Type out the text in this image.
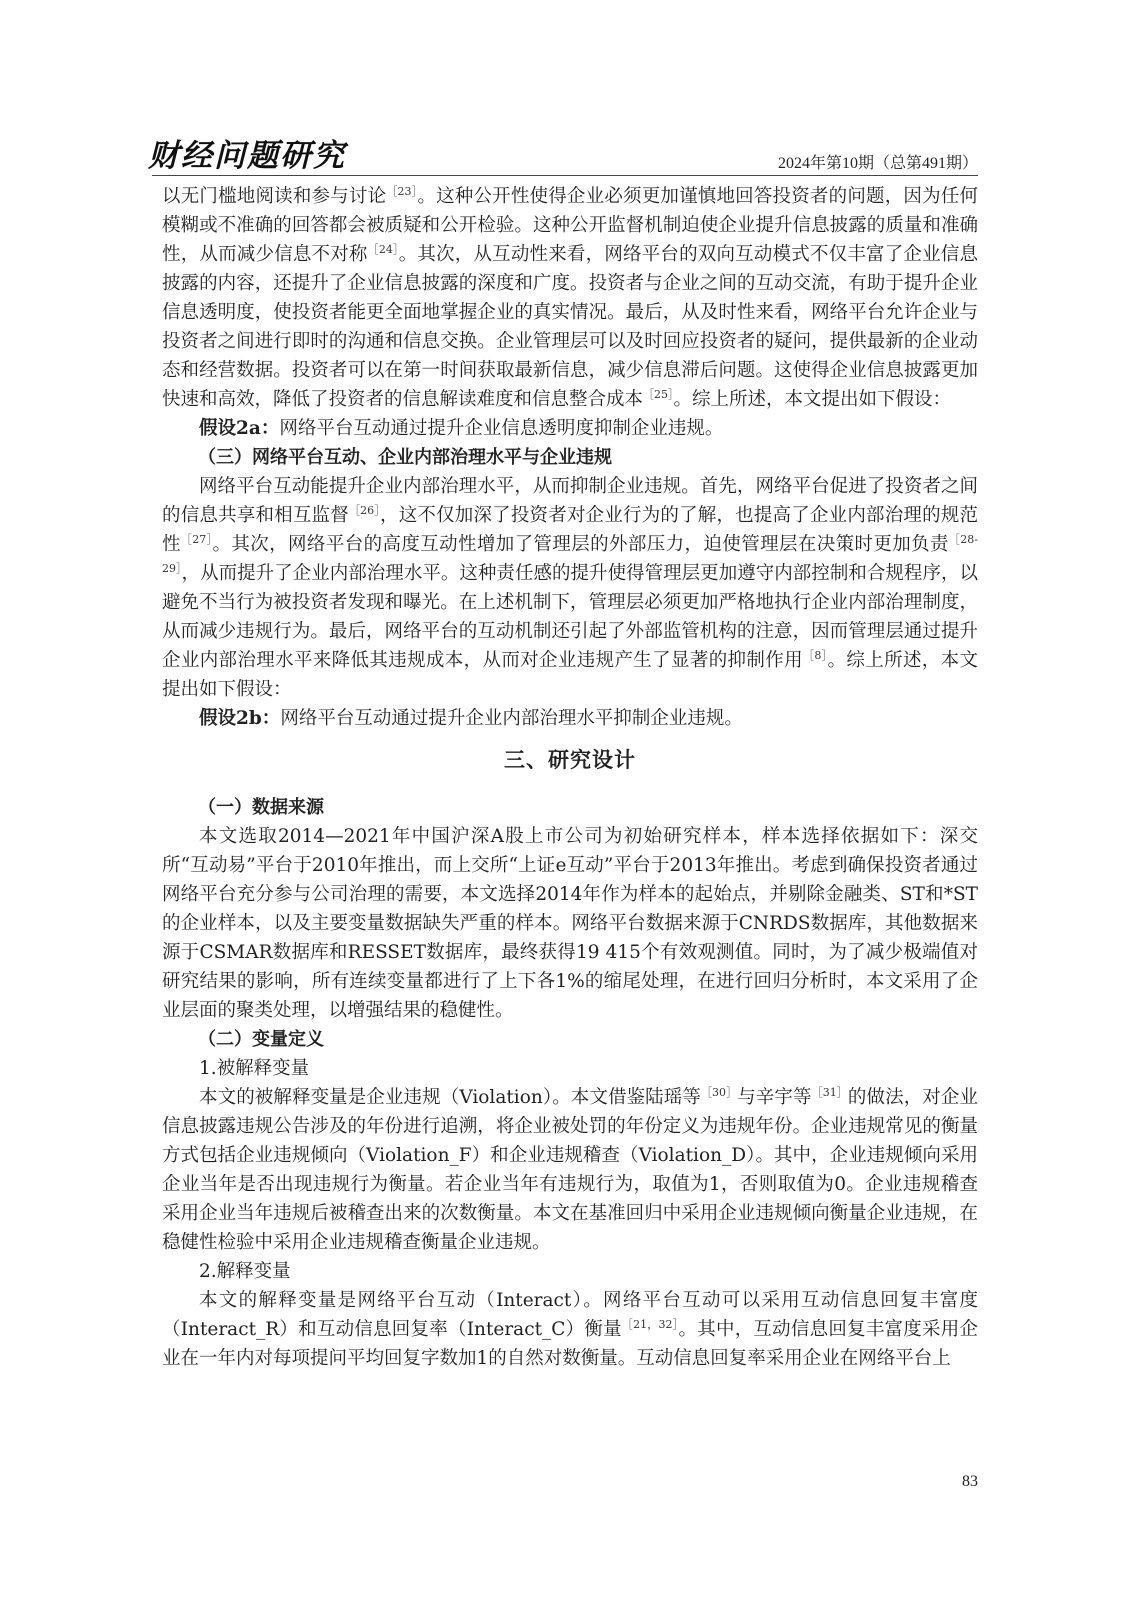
财经问题研究	2024年第10期（总第491期）

以无门槛地阅读和参与讨论$^{[23]}$。这种公开性使得企业必须更加谨慎地回答投资者的问题，因为任何模糊或不准确的回答都会被质疑和公开检验。这种公开监督机制迫使企业提升信息披露的质量和准确性，从而减少信息不对称$^{[24]}$。其次，从互动性来看，网络平台的双向互动模式不仅丰富了企业信息披露的内容，还提升了企业信息披露的深度和广度。投资者与企业之间的互动交流，有助于提升企业信息透明度，使投资者能更全面地掌握企业的真实情况。最后，从及时性来看，网络平台允许企业与投资者之间进行即时的沟通和信息交换。企业管理层可以及时回应投资者的疑问，提供最新的企业动态和经营数据。投资者可以在第一时间获取最新信息，减少信息滞后问题。这使得企业信息披露更加快速和高效，降低了投资者的信息解读难度和信息整合成本$^{[25]}$。综上所述，本文提出如下假设：

假设2a：网络平台互动通过提升企业信息透明度抑制企业违规。

（三）网络平台互动、企业内部治理水平与企业违规

网络平台互动能提升企业内部治理水平，从而抑制企业违规。首先，网络平台促进了投资者之间的信息共享和相互监督$^{[26]}$，这不仅加深了投资者对企业行为的了解，也提高了企业内部治理的规范性$^{[27]}$。其次，网络平台的高度互动性增加了管理层的外部压力，迫使管理层在决策时更加负责$^{[28-29]}$，从而提升了企业内部治理水平。这种责任感的提升使得管理层更加遵守内部控制和合规程序，以避免不当行为被投资者发现和曝光。在上述机制下，管理层必须更加严格地执行企业内部治理制度，从而减少违规行为。最后，网络平台的互动机制还引起了外部监管机构的注意，因而管理层通过提升企业内部治理水平来降低其违规成本，从而对企业违规产生了显著的抑制作用$^{[8]}$。综上所述，本文提出如下假设：

假设2b：网络平台互动通过提升企业内部治理水平抑制企业违规。

三、研究设计

（一）数据来源

本文选取2014—2021年中国沪深A股上市公司为初始研究样本，样本选择依据如下：深交所“互动易”平台于2010年推出，而上交所“上证e互动”平台于2013年推出。考虑到确保投资者通过网络平台充分参与公司治理的需要，本文选择2014年作为样本的起始点，并剔除金融类、ST和*ST的企业样本，以及主要变量数据缺失严重的样本。网络平台数据来源于CNRDS数据库，其他数据来源于CSMAR数据库和RESSET数据库，最终获得19 415个有效观测值。同时，为了减少极端值对研究结果的影响，所有连续变量都进行了上下各1%的缩尾处理，在进行回归分析时，本文采用了企业层面的聚类处理，以增强结果的稳健性。

（二）变量定义

1.被解释变量

本文的被解释变量是企业违规（Violation）。本文借鉴陆瑶等$^{[30]}$与辛宇等$^{[31]}$的做法，对企业信息披露违规公告涉及的年份进行追溯，将企业被处罚的年份定义为违规年份。企业违规常见的衡量方式包括企业违规倾向（Violation_F）和企业违规稽查（Violation_D）。其中，企业违规倾向采用企业当年是否出现违规行为衡量。若企业当年有违规行为，取值为1，否则取值为0。企业违规稽查采用企业当年违规后被稽查出来的次数衡量。本文在基准回归中采用企业违规倾向衡量企业违规，在稳健性检验中采用企业违规稽查衡量企业违规。

2.解释变量

本文的解释变量是网络平台互动（Interact）。网络平台互动可以采用互动信息回复丰富度（Interact_R）和互动信息回复率（Interact_C）衡量$^{[21,32]}$。其中，互动信息回复丰富度采用企业在一年内对每项提问平均回复字数加1的自然对数衡量。互动信息回复率采用企业在网络平台上

83
